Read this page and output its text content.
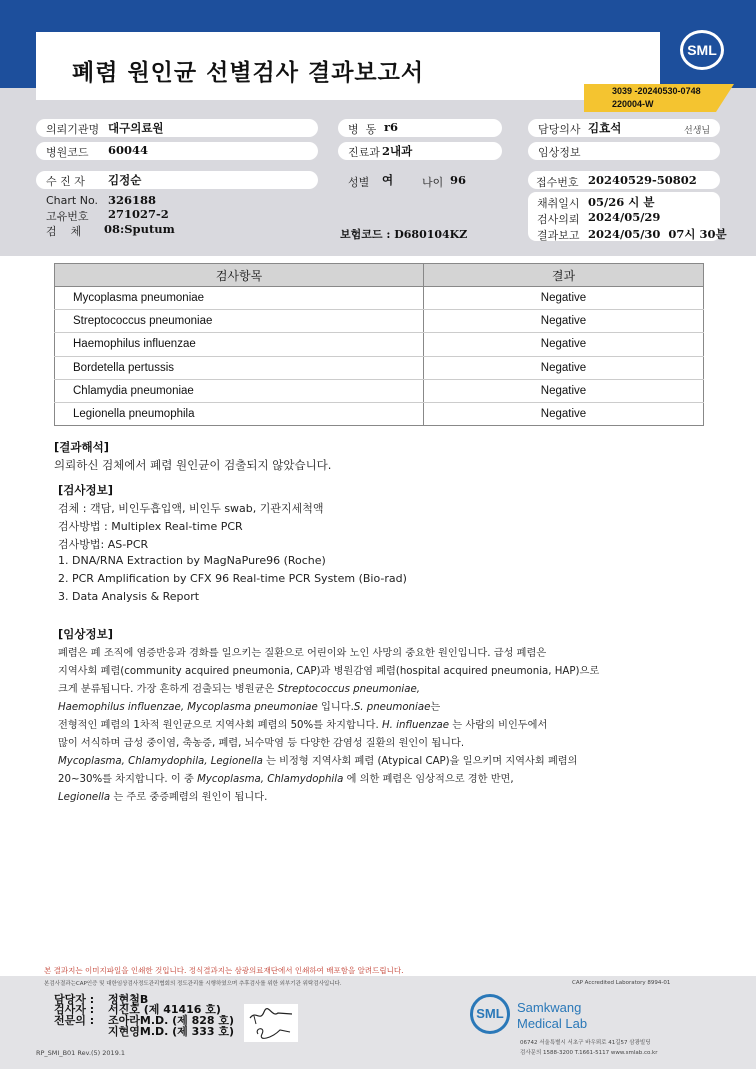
폐렴 원인균 선별검사 결과보고서
SML
3039 -20240530-0748
220004-W
의뢰기관명 대구의료원
병원코드 60044
수 진 자 김정순
Chart No. 326188
고유번호 271027-2
검    체 08:Sputum
병  동 r6
진료과 2내과
성별 여	나이 96
보험코드 : D680104KZ
담당의사 김효석	선생님
임상정보
접수번호 20240529-50802
채취일시 05/26 시 분
검사의뢰 2024/05/29
결과보고 2024/05/30  07시 30분
검사항목	결과
Mycoplasma pneumoniae	Negative
Streptococcus pneumoniae	Negative
Haemophilus influenzae	Negative
Bordetella pertussis	Negative
Chlamydia pneumoniae	Negative
Legionella pneumophila	Negative
[결과해석]
의뢰하신 검체에서 폐렴 원인균이 검출되지 않았습니다.
[검사정보]
검체 : 객담, 비인두흡입액, 비인두 swab, 기관지세척액
검사방법 : Multiplex Real-time PCR
검사방법: AS-PCR
1. DNA/RNA Extraction by MagNaPure96 (Roche)
2. PCR Amplification by CFX 96 Real-time PCR System (Bio-rad)
3. Data Analysis & Report
[임상정보]
폐렴은 폐 조직에 염증반응과 경화를 일으키는 질환으로 어린이와 노인 사망의 중요한 원인입니다. 급성 폐렴은
지역사회 폐렴(community acquired pneumonia, CAP)과 병원감염 폐렴(hospital acquired pneumonia, HAP)으로
크게 분류됩니다. 가장 흔하게 검출되는 병원균은 Streptococcus pneumoniae,
Haemophilus influenzae, Mycoplasma pneumoniae 입니다.S. pneumoniae는
전형적인 폐렴의 1차적 원인균으로 지역사회 폐렴의 50%를 차지합니다. H. influenzae 는 사람의 비인두에서
많이 서식하며 급성 중이염, 축농증, 폐렴, 뇌수막염 등 다양한 감염성 질환의 원인이 됩니다.
Mycoplasma, Chlamydophila, Legionella 는 비정형 지역사회 폐렴 (Atypical CAP)을 일으키며 지역사회 폐렴의
20~30%를 차지합니다. 이 중 Mycoplasma, Chlamydophila 에 의한 폐렴은 임상적으로 경한 반면,
Legionella 는 주로 중증폐렴의 원인이 됩니다.
본 결과지는 이미지파일을 인쇄한 것입니다. 정식결과지는 삼광의료재단에서 인쇄하여 배포함을 알려드립니다.
본검사결과는CAP인증 및 대한임상검사정도관리협회의 정도관리를 시행하였으며 추후검사를 위한 외부기관 위탁검사입니다.	CAP Accredited Laboratory 8994-01
RP_SMI_B01 Rev.(5) 2019.1
담당자 : 정현철B
검사자 : 서진호 (제 41416 호)
전문의 : 조아라M.D. (제 828 호)
지현영M.D. (제 333 호)
SML	Samkwang
Medical Lab
06742 서울특별시 서초구 바우뫼로 41길57 삼광빌딩
검사문의 1588-3200 T.1661-5117 www.smlab.co.kr
